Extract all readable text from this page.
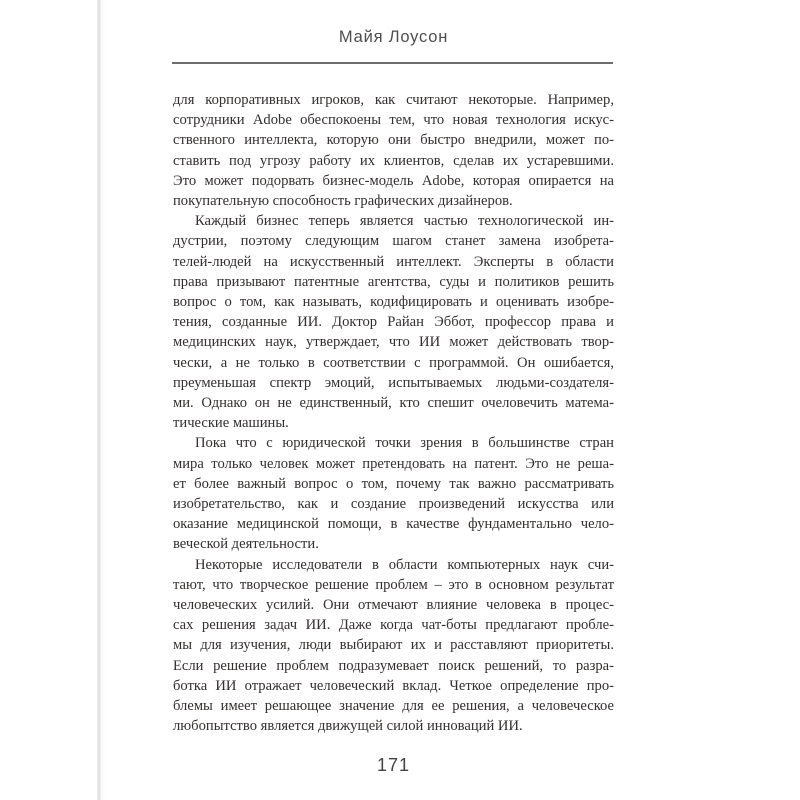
Майя Лоусон
для корпоративных игроков, как считают некоторые. Например,
сотрудники Adobe обеспокоены тем, что новая технология искус-
ственного интеллекта, которую они быстро внедрили, может по-
ставить под угрозу работу их клиентов, сделав их устаревшими.
Это может подорвать бизнес-модель Adobe, которая опирается на
покупательную способность графических дизайнеров.
Каждый бизнес теперь является частью технологической ин-
дустрии, поэтому следующим шагом станет замена изобрета-
телей-людей на искусственный интеллект. Эксперты в области
права призывают патентные агентства, суды и политиков решить
вопрос о том, как называть, кодифицировать и оценивать изобре-
тения, созданные ИИ. Доктор Райан Эббот, профессор права и
медицинских наук, утверждает, что ИИ может действовать твор-
чески, а не только в соответствии с программой. Он ошибается,
преуменьшая спектр эмоций, испытываемых людьми-создателя-
ми. Однако он не единственный, кто спешит очеловечить матема-
тические машины.
Пока что с юридической точки зрения в большинстве стран
мира только человек может претендовать на патент. Это не реша-
ет более важный вопрос о том, почему так важно рассматривать
изобретательство, как и создание произведений искусства или
оказание медицинской помощи, в качестве фундаментально чело-
веческой деятельности.
Некоторые исследователи в области компьютерных наук счи-
тают, что творческое решение проблем – это в основном результат
человеческих усилий. Они отмечают влияние человека в процес-
сах решения задач ИИ. Даже когда чат-боты предлагают пробле-
мы для изучения, люди выбирают их и расставляют приоритеты.
Если решение проблем подразумевает поиск решений, то разра-
ботка ИИ отражает человеческий вклад. Четкое определение про-
блемы имеет решающее значение для ее решения, а человеческое
любопытство является движущей силой инноваций ИИ.
171
